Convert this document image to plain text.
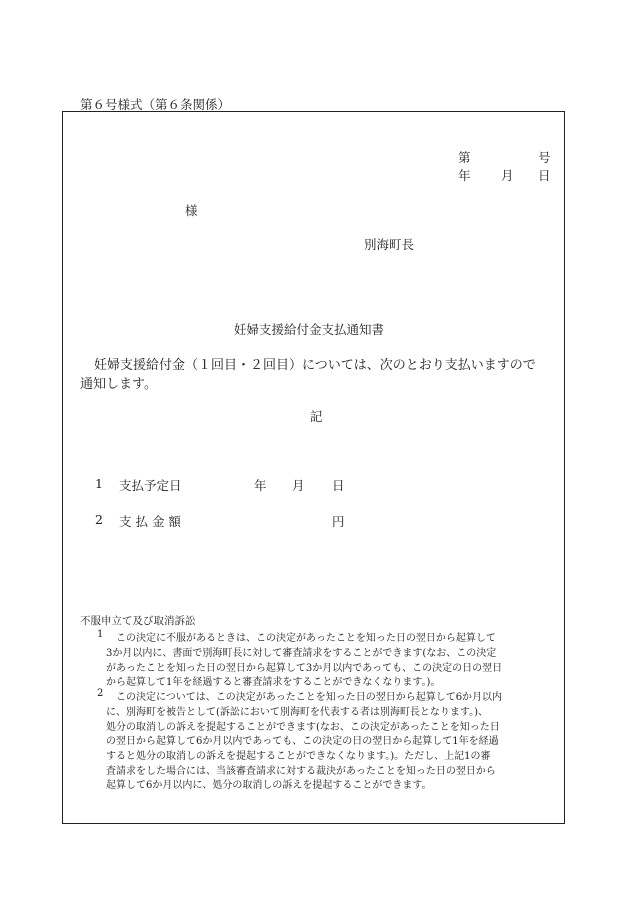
第６号様式（第６条関係）
第	号
年 月 日
様
別海町長
妊婦支援給付金支払通知書
妊婦支援給付金（１回目・２回目）については、次のとおり支払いますので
通知します。
記
1 支払予定日	年 月 日
2 支 払 金 額	円
不服申立て及び取消訴訟
1 この決定に不服があるときは、この決定があったことを知った日の翌日から起算して
3か月以内に、書面で別海町長に対して審査請求をすることができます(なお、この決定
があったことを知った日の翌日から起算して3か月以内であっても、この決定の日の翌日
から起算して1年を経過すると審査請求をすることができなくなります。)。
2 この決定については、この決定があったことを知った日の翌日から起算して6か月以内
に、別海町を被告として(訴訟において別海町を代表する者は別海町長となります。)、
処分の取消しの訴えを提起することができます(なお、この決定があったことを知った日
の翌日から起算して6か月以内であっても、この決定の日の翌日から起算して1年を経過
すると処分の取消しの訴えを提起することができなくなります。)。ただし、上記1の審
査請求をした場合には、当該審査請求に対する裁決があったことを知った日の翌日から
起算して6か月以内に、処分の取消しの訴えを提起することができます。
